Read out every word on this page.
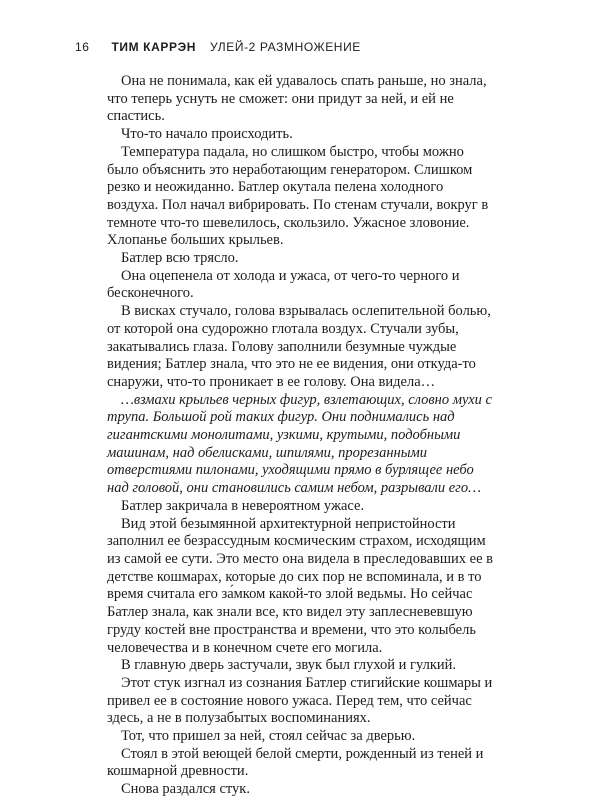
16 ТИМ КАРРЭН УЛЕЙ-2 РАЗМНОЖЕНИЕ

Она не понимала, как ей удавалось спать раньше, но знала, что теперь уснуть не сможет: они придут за ней, и ей не спастись.

Что-то начало происходить.

Температура падала, но слишком быстро, чтобы можно было объяснить это неработающим генератором. Слишком резко и неожиданно. Батлер окутала пелена холодного воздуха. Пол начал вибрировать. По стенам стучали, вокруг в темноте что-то шевелилось, скользило. Ужасное зловоние. Хлопанье больших крыльев.

Батлер всю трясло.

Она оцепенела от холода и ужаса, от чего-то черного и бесконечного.

В висках стучало, голова взрывалась ослепительной болью, от которой она судорожно глотала воздух. Стучали зубы, закатывались глаза. Голову заполнили безумные чуждые видения; Батлер знала, что это не ее видения, они откуда-то снаружи, что-то проникает в ее голову. Она видела…

…взмахи крыльев черных фигур, взлетающих, словно мухи с трупа. Большой рой таких фигур. Они поднимались над гигантскими монолитами, узкими, крутыми, подобными машинам, над обелисками, шпилями, прорезанными отверстиями пилонами, уходящими прямо в бурлящее небо над головой, они становились самим небом, разрывали его…

Батлер закричала в невероятном ужасе.

Вид этой безымянной архитектурной непристойности заполнил ее безрассудным космическим страхом, исходящим из самой ее сути. Это место она видела в преследовавших ее в детстве кошмарах, которые до сих пор не вспоминала, и в то время считала его за́мком какой-то злой ведьмы. Но сейчас Батлер знала, как знали все, кто видел эту заплесневевшую груду костей вне пространства и времени, что это колыбель человечества и в конечном счете его могила.

В главную дверь застучали, звук был глухой и гулкий.

Этот стук изгнал из сознания Батлер стигийские кошмары и привел ее в состояние нового ужаса. Перед тем, что сейчас здесь, а не в полузабытых воспоминаниях.

Тот, что пришел за ней, стоял сейчас за дверью.

Стоял в этой веющей белой смерти, рожденный из теней и кошмарной древности.

Снова раздался стук.
